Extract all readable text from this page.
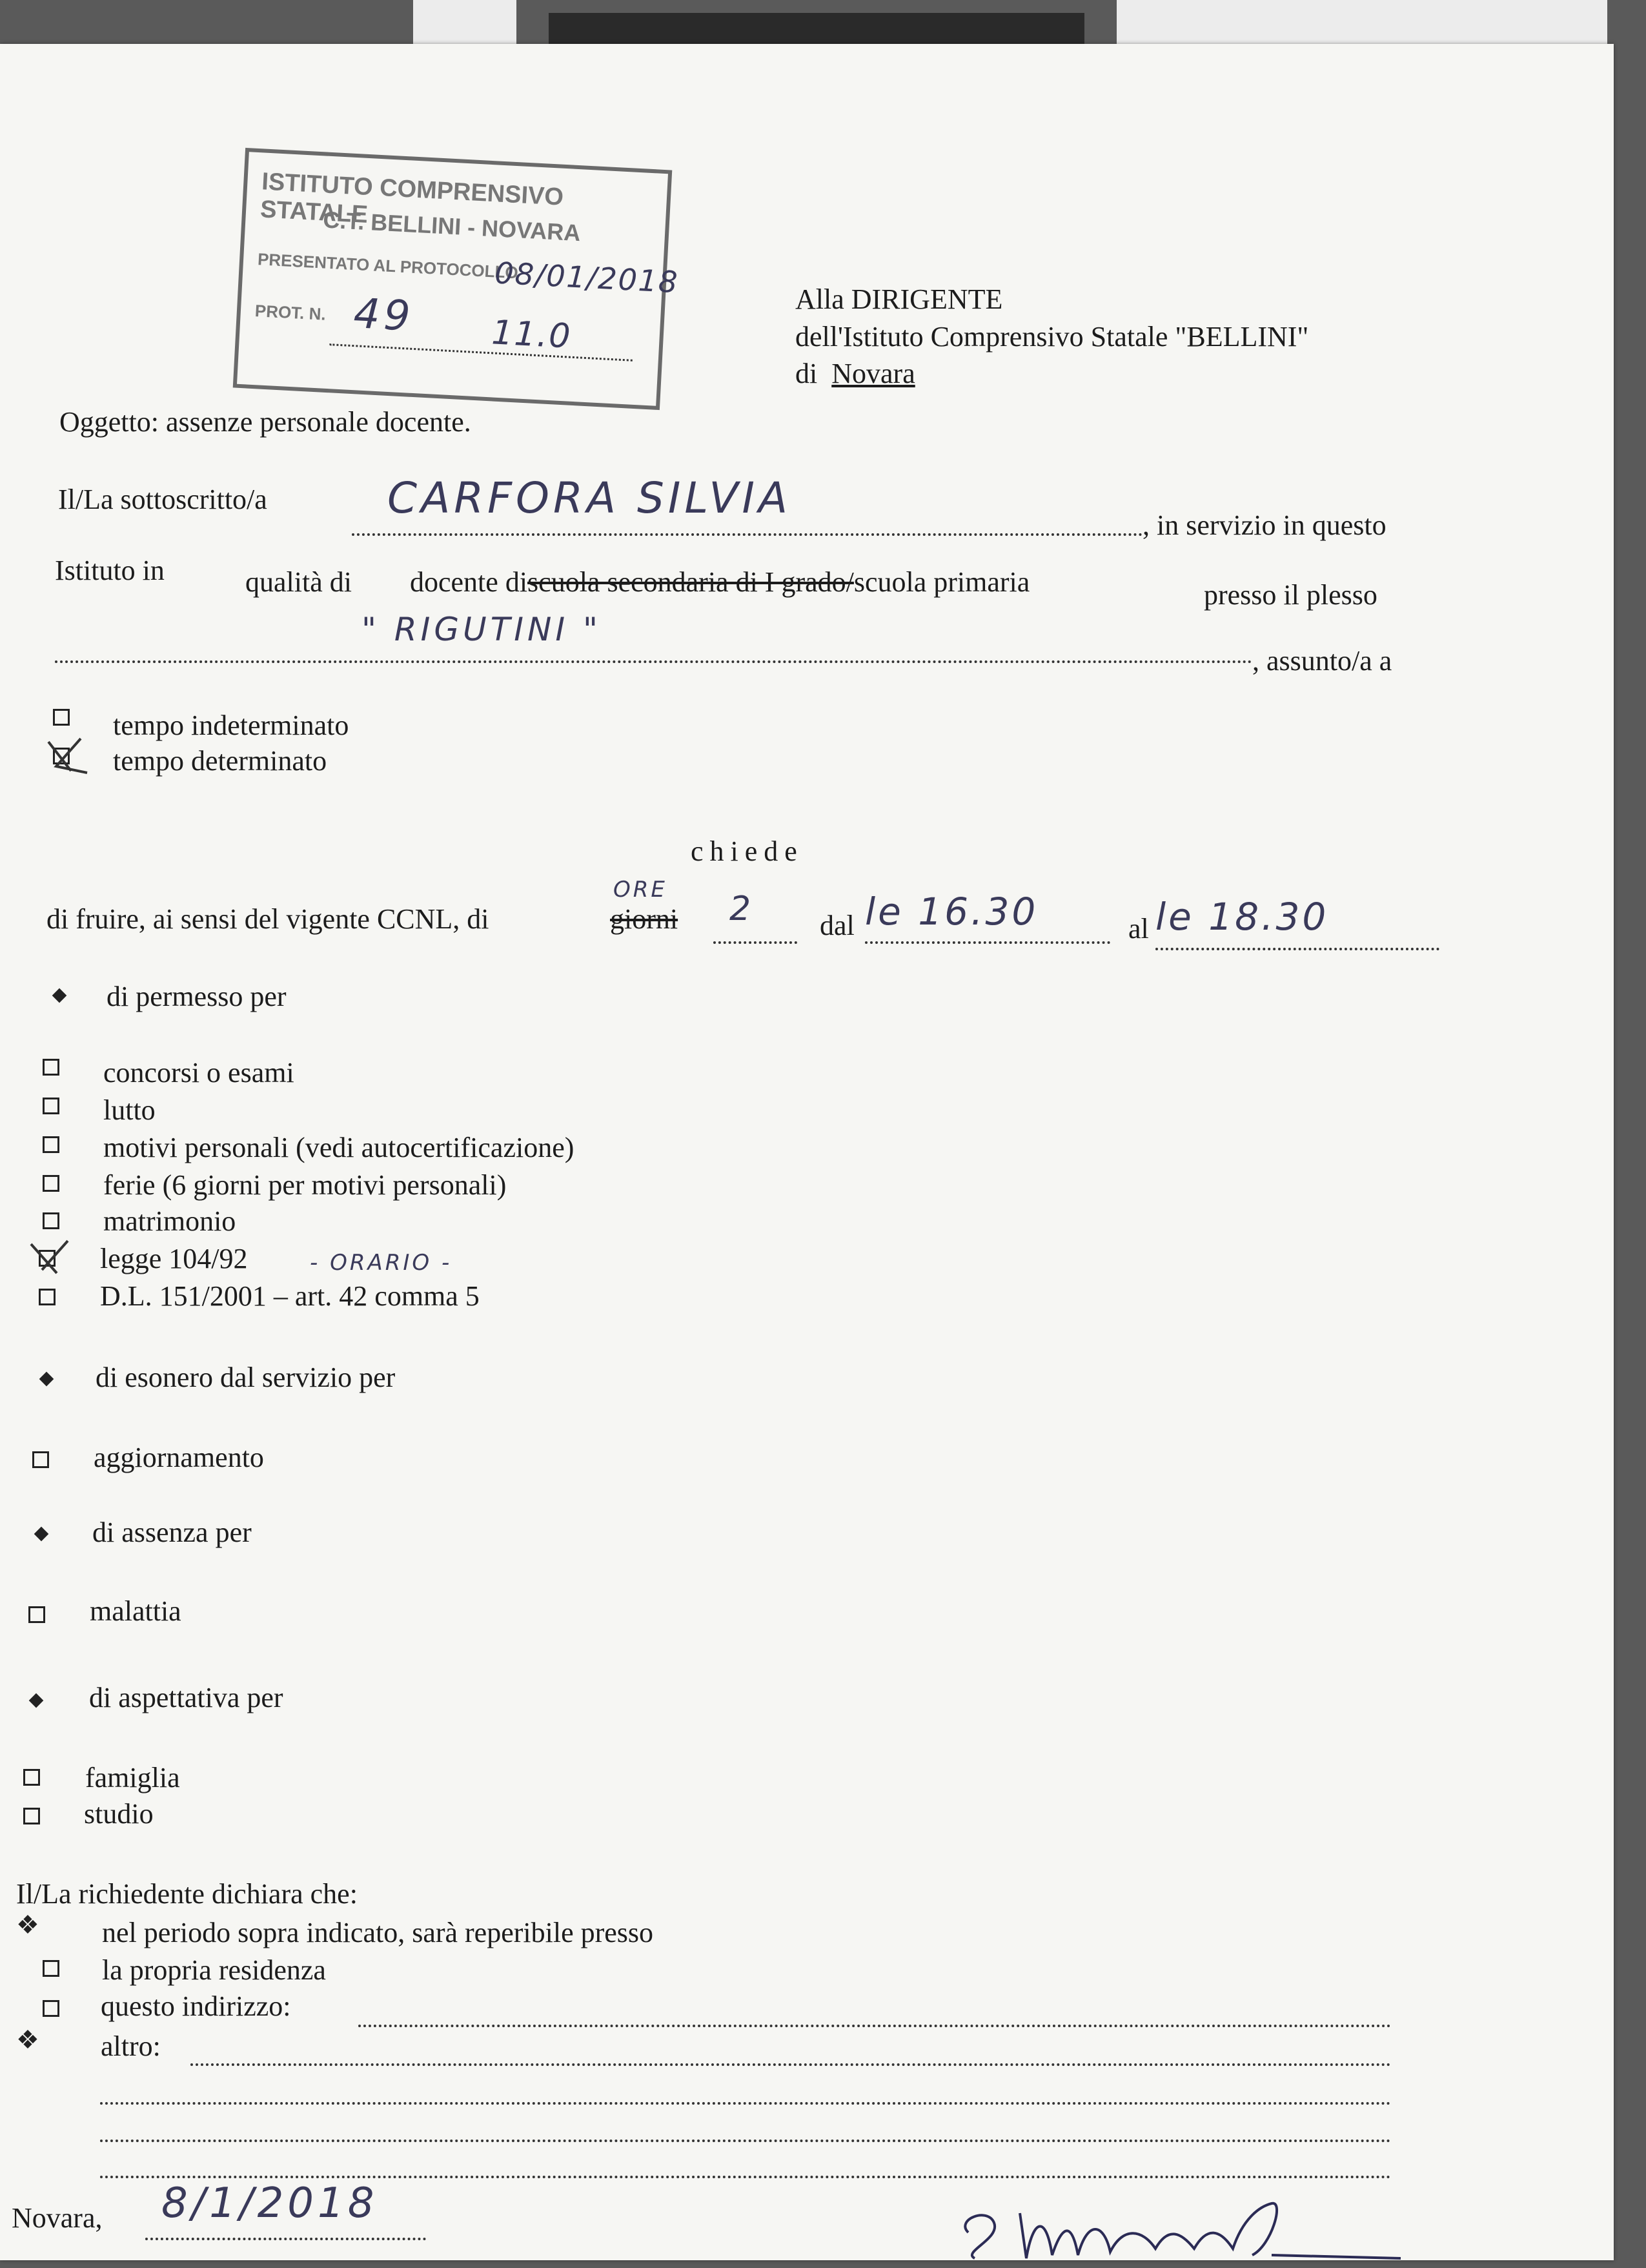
ISTITUTO COMPRENSIVO STATALE
C.T. BELLINI - NOVARA
PRESENTATO AL PROTOCOLLO
08/01/2018
PROT. N. 49 11.0
Alla DIRIGENTE
dell'Istituto Comprensivo Statale "BELLINI"
di Novara
Oggetto: assenze personale docente.
Il/La sottoscritto/a	CARFORA SILVIA
, in servizio in questo
Istituto in	qualità di docente discuola secondaria di I grado/scuola primaria	presso il plesso
" RIGUTINI "
, assunto/a a
tempo indeterminato
tempo determinato
chiede
di fruire, ai sensi del vigente CCNL, di	giorni
ORE 2 dal le 16.30	al le 18.30
di permesso per
concorsi o esami
lutto
motivi personali (vedi autocertificazione)
ferie (6 giorni per motivi personali)
matrimonio
legge 104/92	- ORARIO -
D.L. 151/2001 – art. 42 comma 5
di esonero dal servizio per
aggiornamento
di assenza per
malattia
di aspettativa per
famiglia
studio
Il/La richiedente dichiara che:
❖ nel periodo sopra indicato, sarà reperibile presso
la propria residenza
questo indirizzo:
❖ altro:
Novara, 8/1/2018
